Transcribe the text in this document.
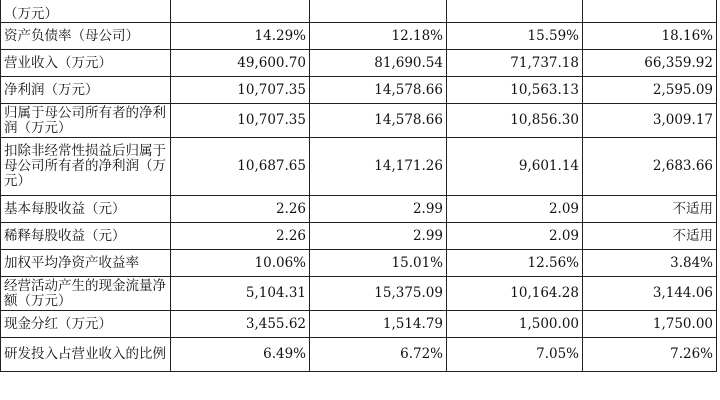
（万元）				
资产负债率（母公司）	14.29%	12.18%	15.59%	18.16%
营业收入（万元）	49,600.70	81,690.54	71,737.18	66,359.92
净利润（万元）	10,707.35	14,578.66	10,563.13	2,595.09
归属于母公司所有者的净利润（万元）	10,707.35	14,578.66	10,856.30	3,009.17
扣除非经常性损益后归属于母公司所有者的净利润（万元）	10,687.65	14,171.26	9,601.14	2,683.66
基本每股收益（元）	2.26	2.99	2.09	不适用
稀释每股收益（元）	2.26	2.99	2.09	不适用
加权平均净资产收益率	10.06%	15.01%	12.56%	3.84%
经营活动产生的现金流量净额（万元）	5,104.31	15,375.09	10,164.28	3,144.06
现金分红（万元）	3,455.62	1,514.79	1,500.00	1,750.00
研发投入占营业收入的比例	6.49%	6.72%	7.05%	7.26%
